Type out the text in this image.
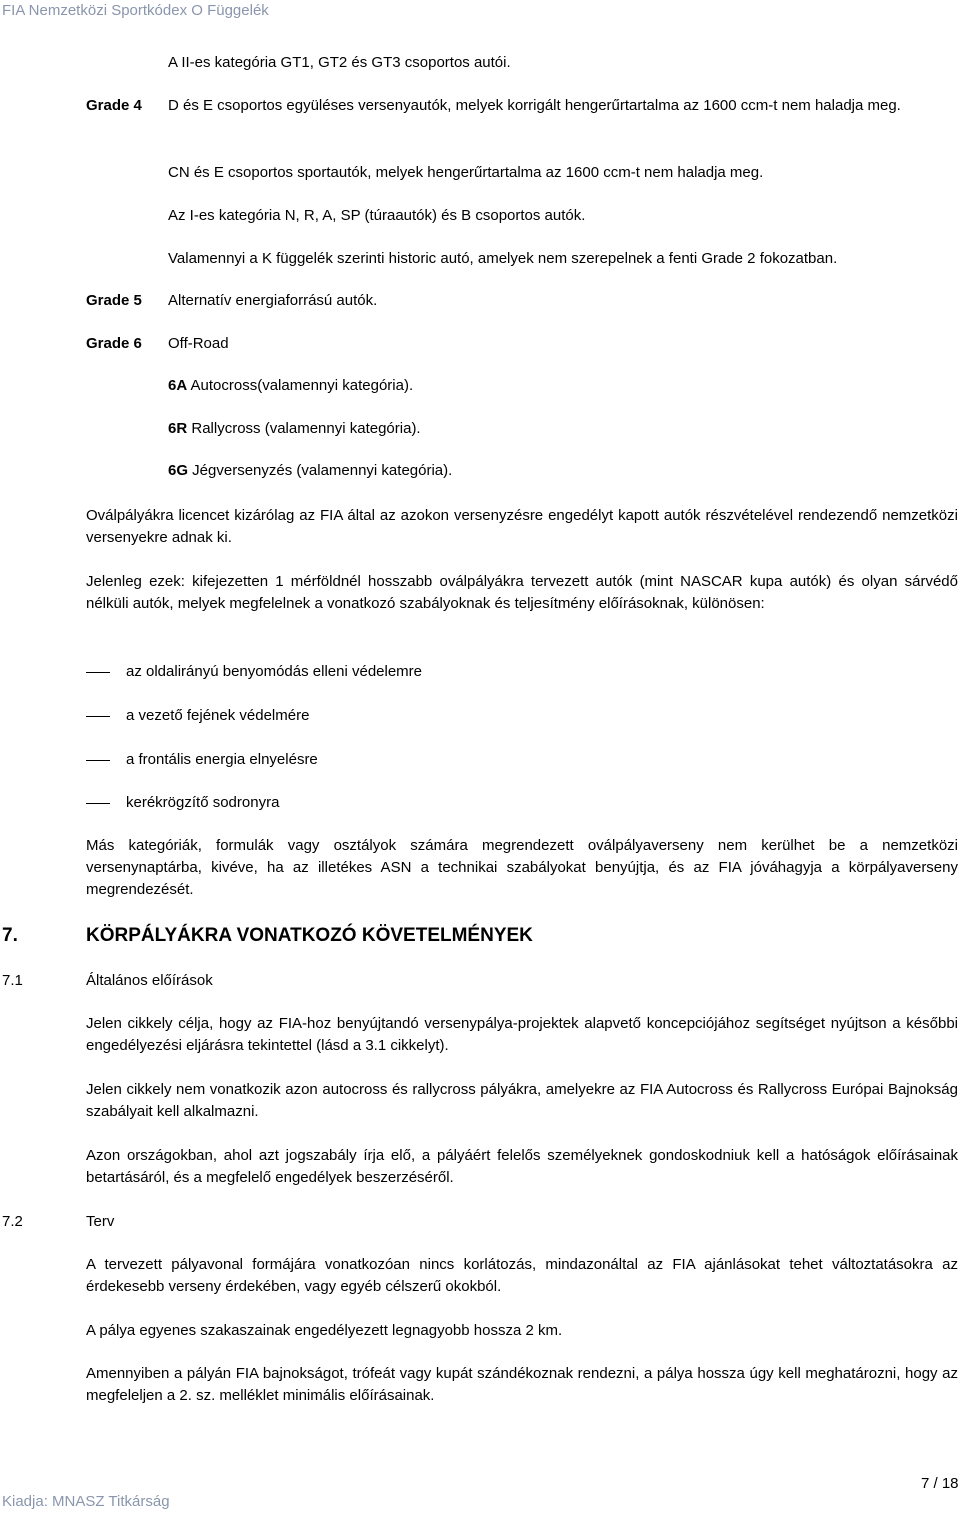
FIA Nemzetközi Sportkódex O Függelék
A II-es kategória GT1, GT2 és GT3 csoportos autói.
Grade 4 D és E csoportos együléses versenyautók, melyek korrigált hengerűrtartalma az 1600 ccm-t nem haladja meg.
CN és E csoportos sportautók, melyek hengerűrtartalma az 1600 ccm-t nem haladja meg.
Az I-es kategória N, R, A, SP (túraautók) és B csoportos autók.
Valamennyi a K függelék szerinti historic autó, amelyek nem szerepelnek a fenti Grade 2 fokozatban.
Grade 5 Alternatív energiaforrású autók.
Grade 6 Off-Road
6A Autocross(valamennyi kategória).
6R Rallycross (valamennyi kategória).
6G Jégversenyzés (valamennyi kategória).
Oválpályákra licencet kizárólag az FIA által az azokon versenyzésre engedélyt kapott autók részvételével rendezendő nemzetközi versenyekre adnak ki.
Jelenleg ezek: kifejezetten 1 mérföldnél hosszabb oválpályákra tervezett autók (mint NASCAR kupa autók) és olyan sárvédő nélküli autók, melyek megfelelnek a vonatkozó szabályoknak és teljesítmény előírásoknak, különösen:
az oldalirányú benyomódás elleni védelemre
a vezető fejének védelmére
a frontális energia elnyelésre
kerékrögzítő sodronyra
Más kategóriák, formulák vagy osztályok számára megrendezett oválpályaverseny nem kerülhet be a nemzetközi versenynaptárba, kivéve, ha az illetékes ASN a technikai szabályokat benyújtja, és az FIA jóváhagyja a körpályaverseny megrendezését.
7.	KÖRPÁLYÁKRA VONATKOZÓ KÖVETELMÉNYEK
7.1	Általános előírások
Jelen cikkely célja, hogy az FIA-hoz benyújtandó versenypálya-projektek alapvető koncepciójához segítséget nyújtson a későbbi engedélyezési eljárásra tekintettel (lásd a 3.1 cikkelyt).
Jelen cikkely nem vonatkozik azon autocross és rallycross pályákra, amelyekre az FIA Autocross és Rallycross Európai Bajnokság szabályait kell alkalmazni.
Azon országokban, ahol azt jogszabály írja elő, a pályáért felelős személyeknek gondoskodniuk kell a hatóságok előírásainak betartásáról, és a megfelelő engedélyek beszerzéséről.
7.2	Terv
A tervezett pályavonal formájára vonatkozóan nincs korlátozás, mindazonáltal az FIA ajánlásokat tehet változtatásokra az érdekesebb verseny érdekében, vagy egyéb célszerű okokból.
A pálya egyenes szakaszainak engedélyezett legnagyobb hossza 2 km.
Amennyiben a pályán FIA bajnokságot, trófeát vagy kupát szándékoznak rendezni, a pálya hossza úgy kell meghatározni, hogy az megfeleljen a 2. sz. melléklet minimális előírásainak.
7 / 18
Kiadja: MNASZ Titkárság
